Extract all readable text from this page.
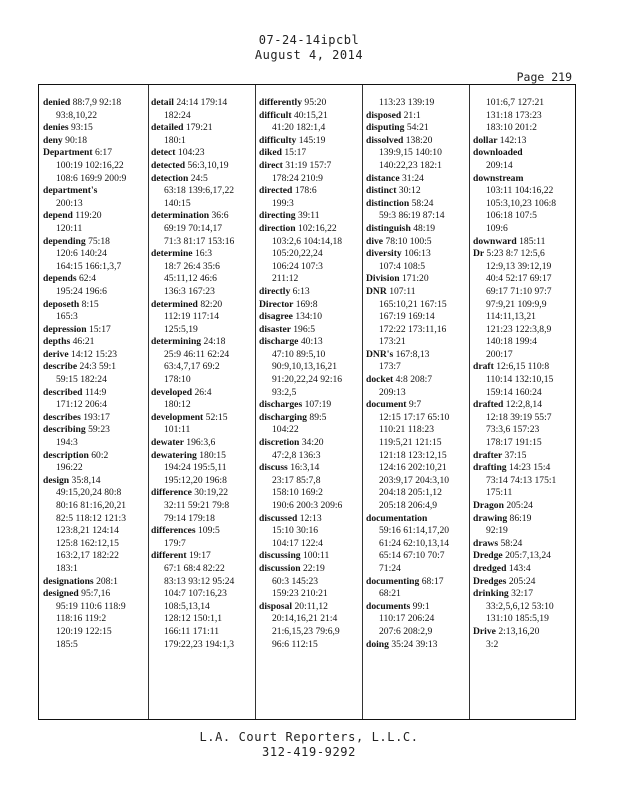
07-24-14ipcbl
August 4, 2014
Page 219
denied 88:7,9 92:18
93:8,10,22
denies 93:15
deny 90:18
Department 6:17
100:19 102:16,22
108:6 169:9 200:9
department's
200:13
depend 119:20
120:11
depending 75:18
120:6 140:24
164:15 166:1,3,7
depends 62:4
195:24 196:6
deposeth 8:15
165:3
depression 15:17
depths 46:21
derive 14:12 15:23
describe 24:3 59:1
59:15 182:24
described 114:9
171:12 206:4
describes 193:17
describing 59:23
194:3
description 60:2
196:22
design 35:8,14
49:15,20,24 80:8
80:16 81:16,20,21
82:5 118:12 121:3
123:8,21 124:14
125:8 162:12,15
163:2,17 182:22
183:1
designations 208:1
designed 95:7,16
95:19 110:6 118:9
118:16 119:2
120:19 122:15
185:5
detail 24:14 179:14
182:24
detailed 179:21
180:1
detect 104:23
detected 56:3,10,19
detection 24:5
63:18 139:6,17,22
140:15
determination 36:6
69:19 70:14,17
71:3 81:17 153:16
determine 16:3
18:7 26:4 35:6
45:11,12 46:6
136:3 167:23
determined 82:20
112:19 117:14
125:5,19
determining 24:18
25:9 46:11 62:24
63:4,7,17 69:2
178:10
developed 26:4
180:12
development 52:15
101:11
dewater 196:3,6
dewatering 180:15
194:24 195:5,11
195:12,20 196:8
difference 30:19,22
32:11 59:21 79:8
79:14 179:18
differences 109:5
179:7
different 19:17
67:1 68:4 82:22
83:13 93:12 95:24
104:7 107:16,23
108:5,13,14
128:12 150:1,1
166:11 171:11
179:22,23 194:1,3
differently 95:20
difficult 40:15,21
41:20 182:1,4
difficulty 145:19
diked 15:17
direct 31:19 157:7
178:24 210:9
directed 178:6
199:3
directing 39:11
direction 102:16,22
103:2,6 104:14,18
105:20,22,24
106:24 107:3
211:12
directly 6:13
Director 169:8
disagree 134:10
disaster 196:5
discharge 40:13
47:10 89:5,10
90:9,10,13,16,21
91:20,22,24 92:16
93:2,5
discharges 107:19
discharging 89:5
104:22
discretion 34:20
47:2,8 136:3
discuss 16:3,14
23:17 85:7,8
158:10 169:2
190:6 200:3 209:6
discussed 12:13
15:10 30:16
104:17 122:4
discussing 100:11
discussion 22:19
60:3 145:23
159:23 210:21
disposal 20:11,12
20:14,16,21 21:4
21:6,15,23 79:6,9
96:6 112:15
113:23 139:19
disposed 21:1
disputing 54:21
dissolved 138:20
139:9,15 140:10
140:22,23 182:1
distance 31:24
distinct 30:12
distinction 58:24
59:3 86:19 87:14
distinguish 48:19
dive 78:10 100:5
diversity 106:13
107:4 108:5
Division 171:20
DNR 107:11
165:10,21 167:15
167:19 169:14
172:22 173:11,16
173:21
DNR's 167:8,13
173:7
docket 4:8 208:7
209:13
document 9:7
12:15 17:17 65:10
110:21 118:23
119:5,21 121:15
121:18 123:12,15
124:16 202:10,21
203:9,17 204:3,10
204:18 205:1,12
205:18 206:4,9
documentation
59:16 61:14,17,20
61:24 62:10,13,14
65:14 67:10 70:7
71:24
documenting 68:17
68:21
documents 99:1
110:17 206:24
207:6 208:2,9
doing 35:24 39:13
101:6,7 127:21
131:18 173:23
183:10 201:2
dollar 142:13
downloaded
209:14
downstream
103:11 104:16,22
105:3,10,23 106:8
106:18 107:5
109:6
downward 185:11
Dr 5:23 8:7 12:5,6
12:9,13 39:12,19
40:4 52:17 69:17
69:17 71:10 97:7
97:9,21 109:9,9
114:11,13,21
121:23 122:3,8,9
140:18 199:4
200:17
draft 12:6,15 110:8
110:14 132:10,15
159:14 160:24
drafted 12:2,8,14
12:18 39:19 55:7
73:3,6 157:23
178:17 191:15
drafter 37:15
drafting 14:23 15:4
73:14 74:13 175:1
175:11
Dragon 205:24
drawing 86:19
92:19
draws 58:24
Dredge 205:7,13,24
dredged 143:4
Dredges 205:24
drinking 32:17
33:2,5,6,12 53:10
131:10 185:5,19
Drive 2:13,16,20
3:2
L.A. Court Reporters, L.L.C.
312-419-9292
